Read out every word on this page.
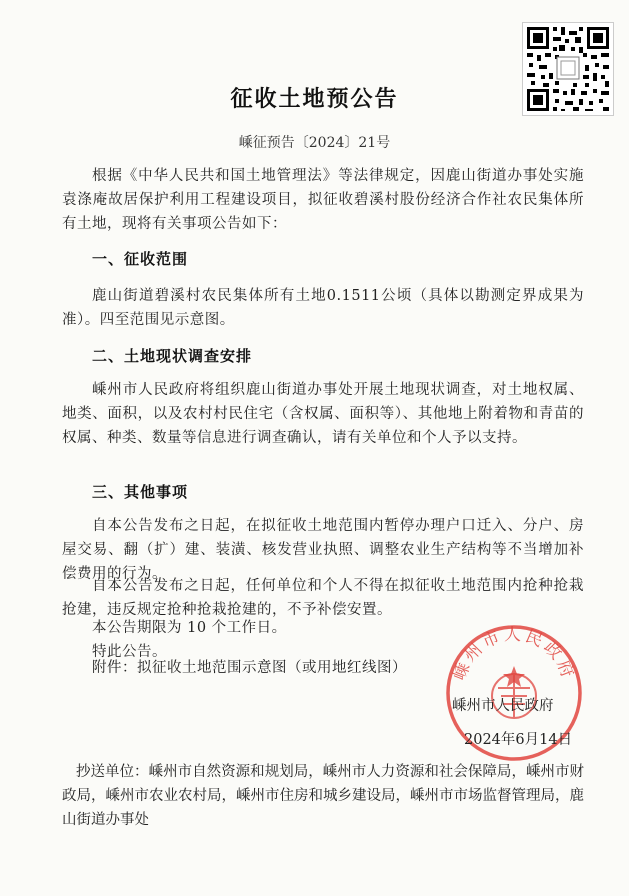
征收土地预公告
嵊征预告〔2024〕21号
根据《中华人民共和国土地管理法》等法律规定，因鹿山街道办事处实施袁涤庵故居保护利用工程建设项目，拟征收碧溪村股份经济合作社农民集体所有土地，现将有关事项公告如下：
一、征收范围
鹿山街道碧溪村农民集体所有土地0.1511公顷（具体以勘测定界成果为准）。四至范围见示意图。
二、土地现状调查安排
嵊州市人民政府将组织鹿山街道办事处开展土地现状调查，对土地权属、地类、面积，以及农村村民住宅（含权属、面积等）、其他地上附着物和青苗的权属、种类、数量等信息进行调查确认，请有关单位和个人予以支持。
三、其他事项
自本公告发布之日起，在拟征收土地范围内暂停办理户口迁入、分户、房屋交易、翻（扩）建、装潢、核发营业执照、调整农业生产结构等不当增加补偿费用的行为。
自本公告发布之日起，任何单位和个人不得在拟征收土地范围内抢种抢栽抢建，违反规定抢种抢栽抢建的，不予补偿安置。
本公告期限为 10 个工作日。
特此公告。
附件：拟征收土地范围示意图（或用地红线图）	嵊州市人民政府
嵊州市人民政府
2024年6月14日
抄送单位：嵊州市自然资源和规划局，嵊州市人力资源和社会保障局，嵊州市财政局，嵊州市农业农村局，嵊州市住房和城乡建设局，嵊州市市场监督管理局，鹿山街道办事处
